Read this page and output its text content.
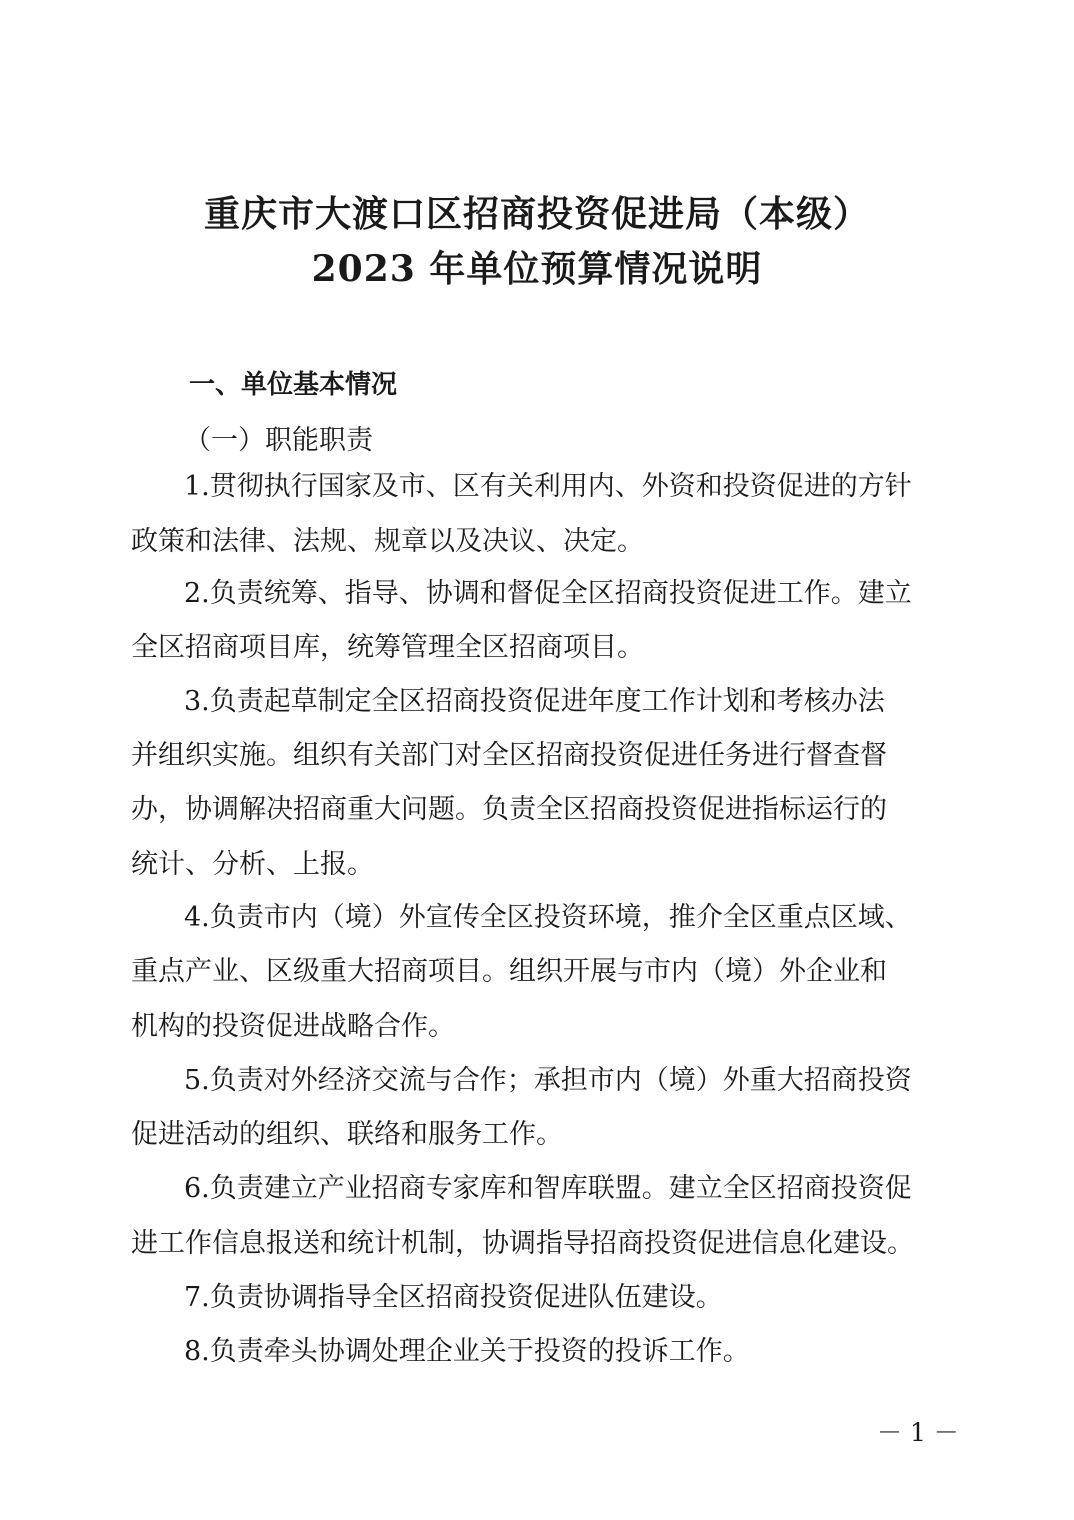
重庆市大渡口区招商投资促进局（本级）
2023 年单位预算情况说明
一、单位基本情况
（一）职能职责
1.贯彻执行国家及市、区有关利用内、外资和投资促进的方针
政策和法律、法规、规章以及决议、决定。
2.负责统筹、指导、协调和督促全区招商投资促进工作。建立
全区招商项目库，统筹管理全区招商项目。
3.负责起草制定全区招商投资促进年度工作计划和考核办法
并组织实施。组织有关部门对全区招商投资促进任务进行督查督
办，协调解决招商重大问题。负责全区招商投资促进指标运行的
统计、分析、上报。
4.负责市内（境）外宣传全区投资环境，推介全区重点区域、
重点产业、区级重大招商项目。组织开展与市内（境）外企业和
机构的投资促进战略合作。
5.负责对外经济交流与合作；承担市内（境）外重大招商投资
促进活动的组织、联络和服务工作。
6.负责建立产业招商专家库和智库联盟。建立全区招商投资促
进工作信息报送和统计机制，协调指导招商投资促进信息化建设。
7.负责协调指导全区招商投资促进队伍建设。
8.负责牵头协调处理企业关于投资的投诉工作。
－ 1 －
